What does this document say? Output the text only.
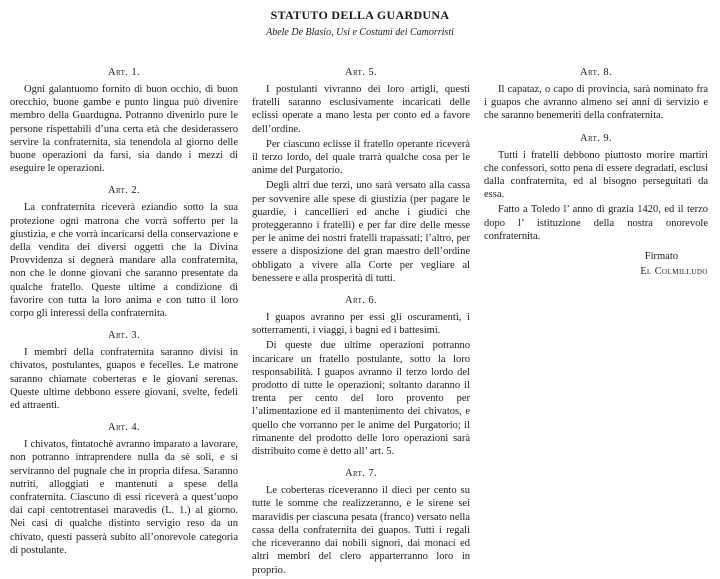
STATUTO DELLA GUARDUNA
Abele De Blasio, Usi e Costumi dei Camorristi
Art. 1.

Ogni galantuomo fornito di buon occhio, di buon orecchio, buone gambe e punto lingua può divenire membro della Guardugna. Potranno divenirlo pure le persone rispettabili d’una certa età che desiderassero servire la confraternita, sia tenendola al giorno delle buone operazioni da farsi, sia dando i mezzi di eseguire le operazioni.

Art. 2.

La confraternita riceverà eziandio sotto la sua protezione ogni matrona che vorrà sofferto per la giustizia, e che vorrà incaricarsi della conservazione e della vendita dei diversi oggetti che la Divina Provvidenza si degnerà mandare alla confraternita, non che le donne giovani che saranno presentate da qualche fratello. Queste ultime a condizione di favorire con tutta la loro anima e con tutto il loro corpo gli interessi della confraternita.

Art. 3.

I membri della confraternita saranno divisi in chivatos, postulantes, guapos e fecelles. Le matrone saranno chiamate coberteras e le giovani serenas. Queste ultime debbono essere giovani, svelte, fedeli ed attraenti.

Art. 4.

I chivatos, fintatochè avranno imparato a lavorare, non potranno intraprendere nulla da sè soli, e si serviranno del pugnale che in propria difesa. Saranno nutriti, alloggiati e mantenuti a spese della confraternita. Ciascuno di essi riceverà a quest’uopo dai capi centotrentasei maravedis (L. 1.) al giorno. Nei casi di qualche distinto servigio reso da un chivato, questi passerà subito all’onorevole categoria di postulante.

Art. 5.

I postulanti vivranno dei loro artigli, questi fratelli saranno esclusivamente incaricati delle eclissi operate a mano lesta per conto ed a favore dell’ordine.

Per ciascuno eclisse il fratello operante riceverà il terzo lordo, del quale trarrà qualche cosa per le anime del Purgatorio.

Degli altri due terzi, uno sarà versato alla cassa per sovvenire alle spese di giustizia (per pagare le guardie, i cancellieri ed anche i giudici che proteggeranno i fratelli) e per far dire delle messe per le anime dei nostri fratelli trapassati; l’altro, per essere a disposizione del gran maestro dell’ordine obbligato a vivere alla Corte per vegliare al benessere e alla prosperità di tutti.

Art. 6.

I guapos avranno per essi gli oscuramenti, i sotterramenti, i viaggi, i bagni ed i battesimi.

Di queste due ultime operazioni potranno incaricare un fratello postulante, sotto la loro responsabilità. I guapos avranno il terzo lordo del prodotto di tutte le operazioni; soltanto daranno il trenta per cento del loro provento per l’alimentazione ed il mantenimento dei chivatos, e quello che vorranno per le anime del Purgatorio; il rimanente del prodotto delle loro operazioni sarà distribuito come è detto all’ art. 5.

Art. 7.

Le coberteras riceveranno il dieci per cento su tutte le somme che realizzeranno, e le sirene sei maravidis per ciascuna pesata (franco) versato nella cassa della confraternita dei guapos. Tutti i regali che riceveranno dai nobili signori, dai monaci ed altri membri del clero apparterranno loro in proprio.

Art. 8.

Il capataz, o capo di provincia, sarà nominato fra i guapos che avranno almeno sei anni di servizio e che saranno benemeriti della confraternita.

Art. 9.

Tutti i fratelli debbono piuttosto morire martiri che confessori, sotto pena di essere degradati, esclusi dalla confraternita, ed al bisogno perseguitati da essa.

Fatto a Toledo l’ anno di grazia 1420, ed il terzo dopo l’ istituzione della nostra onorevole confraternita.

Firmato
El Colmilludo
